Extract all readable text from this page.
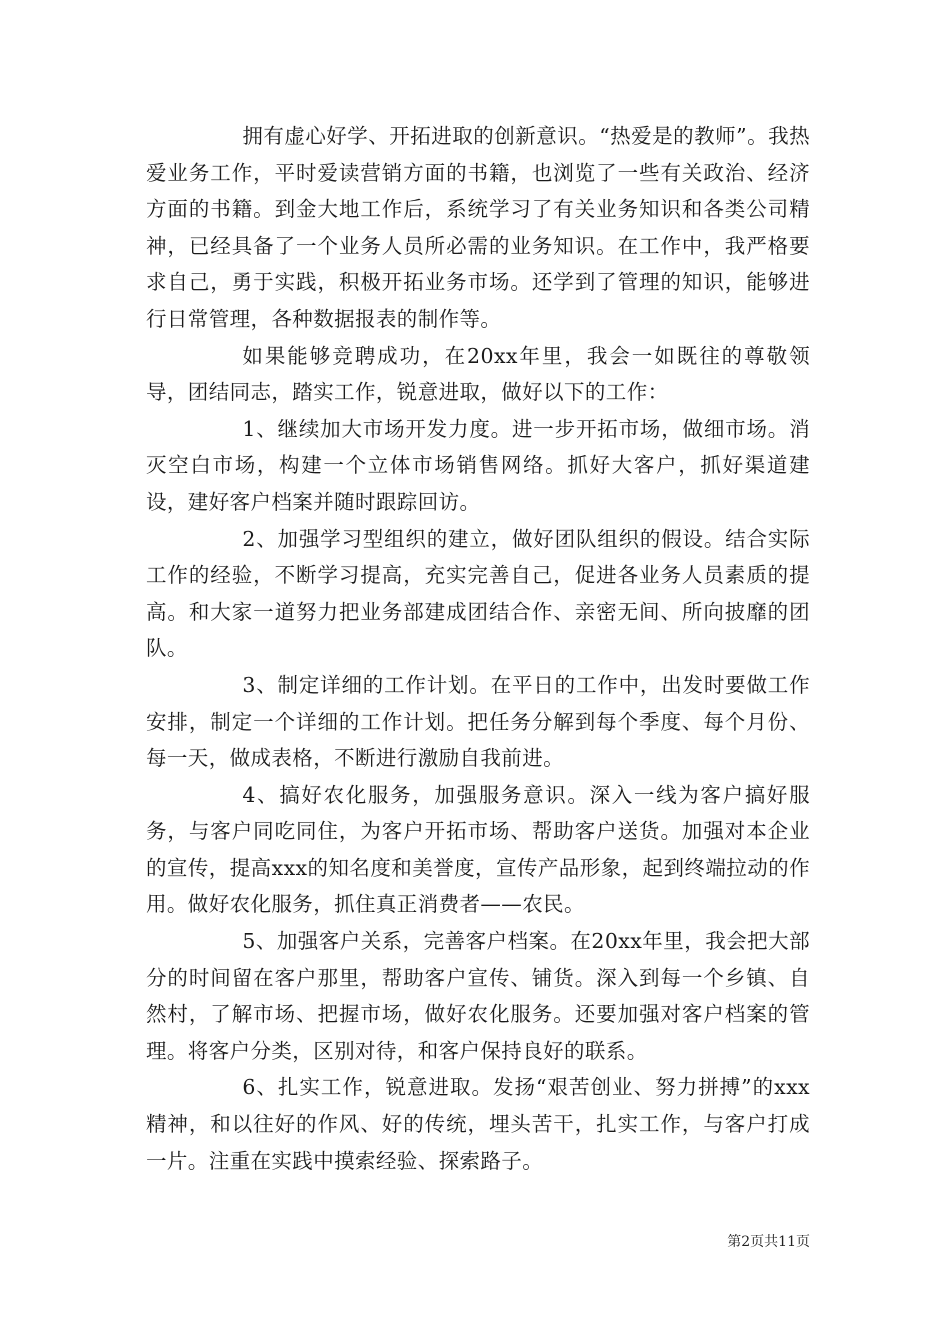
拥有虚心好学、开拓进取的创新意识。“热爱是的教师”。我热爱业务工作，平时爱读营销方面的书籍，也浏览了一些有关政治、经济方面的书籍。到金大地工作后，系统学习了有关业务知识和各类公司精神，已经具备了一个业务人员所必需的业务知识。在工作中，我严格要求自己，勇于实践，积极开拓业务市场。还学到了管理的知识，能够进行日常管理，各种数据报表的制作等。

如果能够竞聘成功，在20xx年里，我会一如既往的尊敬领导，团结同志，踏实工作，锐意进取，做好以下的工作：

1、继续加大市场开发力度。进一步开拓市场，做细市场。消灭空白市场，构建一个立体市场销售网络。抓好大客户，抓好渠道建设，建好客户档案并随时跟踪回访。

2、加强学习型组织的建立，做好团队组织的假设。结合实际工作的经验，不断学习提高，充实完善自己，促进各业务人员素质的提高。和大家一道努力把业务部建成团结合作、亲密无间、所向披靡的团队。

3、制定详细的工作计划。在平日的工作中，出发时要做工作安排，制定一个详细的工作计划。把任务分解到每个季度、每个月份、每一天，做成表格，不断进行激励自我前进。

4、搞好农化服务，加强服务意识。深入一线为客户搞好服务，与客户同吃同住，为客户开拓市场、帮助客户送货。加强对本企业的宣传，提高xxx的知名度和美誉度，宣传产品形象，起到终端拉动的作用。做好农化服务，抓住真正消费者——农民。

5、加强客户关系，完善客户档案。在20xx年里，我会把大部分的时间留在客户那里，帮助客户宣传、铺货。深入到每一个乡镇、自然村，了解市场、把握市场，做好农化服务。还要加强对客户档案的管理。将客户分类，区别对待，和客户保持良好的联系。

6、扎实工作，锐意进取。发扬“艰苦创业、努力拼搏”的xxx精神，和以往好的作风、好的传统，埋头苦干，扎实工作，与客户打成一片。注重在实践中摸索经验、探索路子。

第2页共11页
